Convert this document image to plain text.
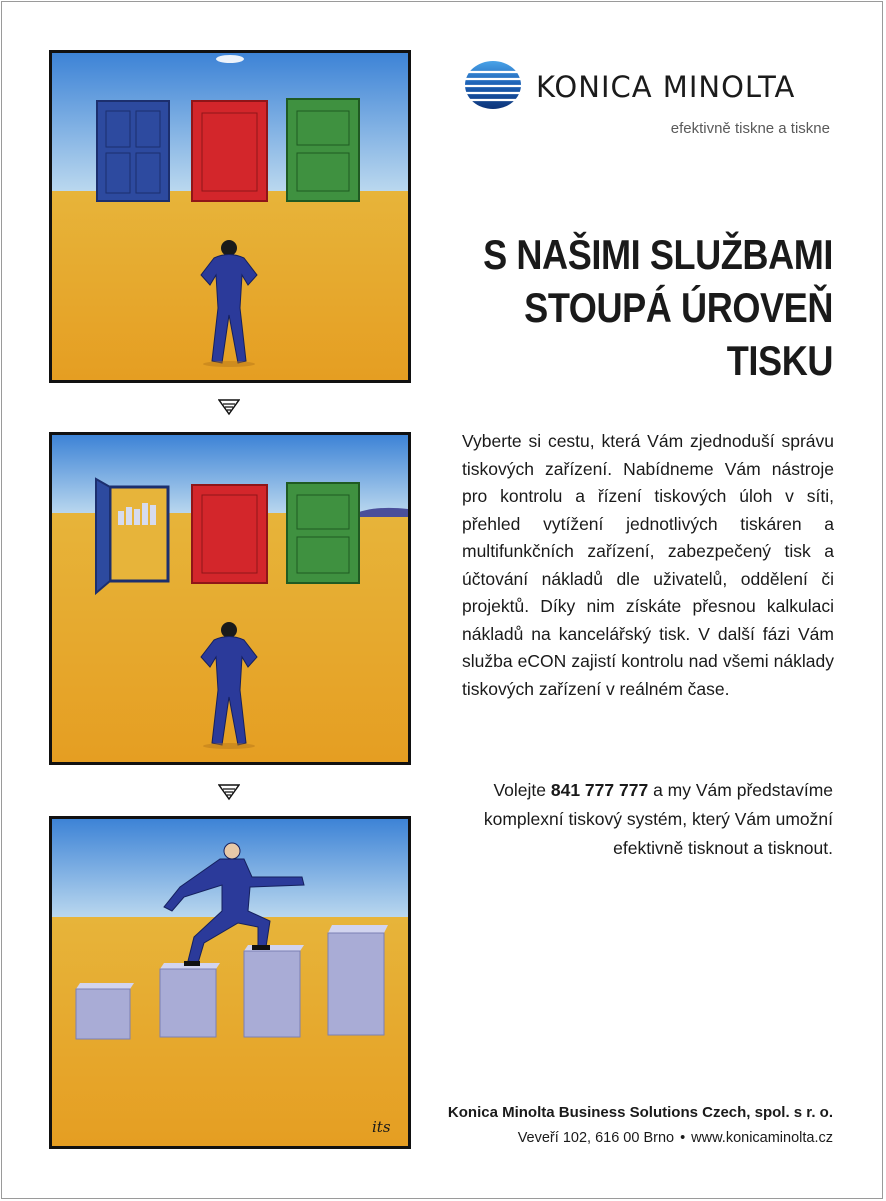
its
KONICA MINOLTA
efektivně tiskne a tiskne
S NAŠIMI SLUŽBAMI
STOUPÁ ÚROVEŇ
TISKU
Vyberte si cestu, která Vám zjednoduší správu tiskových zařízení. Nabídneme Vám nástroje pro kontrolu a řízení tiskových úloh v síti, přehled vytížení jednotlivých tiskáren a multifunkčních zařízení, zabezpečený tisk a účtování nákladů dle uživatelů, oddělení či projektů. Díky nim získáte přesnou kalkulaci nákladů na kancelářský tisk. V další fázi Vám služba eCON zajistí kontrolu nad všemi náklady tiskových zařízení v reálném čase.
Volejte 841 777 777 a my Vám představíme komplexní tiskový systém, který Vám umožní efektivně tisknout a tisknout.
Konica Minolta Business Solutions Czech, spol. s r. o.
Veveří 102, 616 00 Brno • www.konicaminolta.cz
